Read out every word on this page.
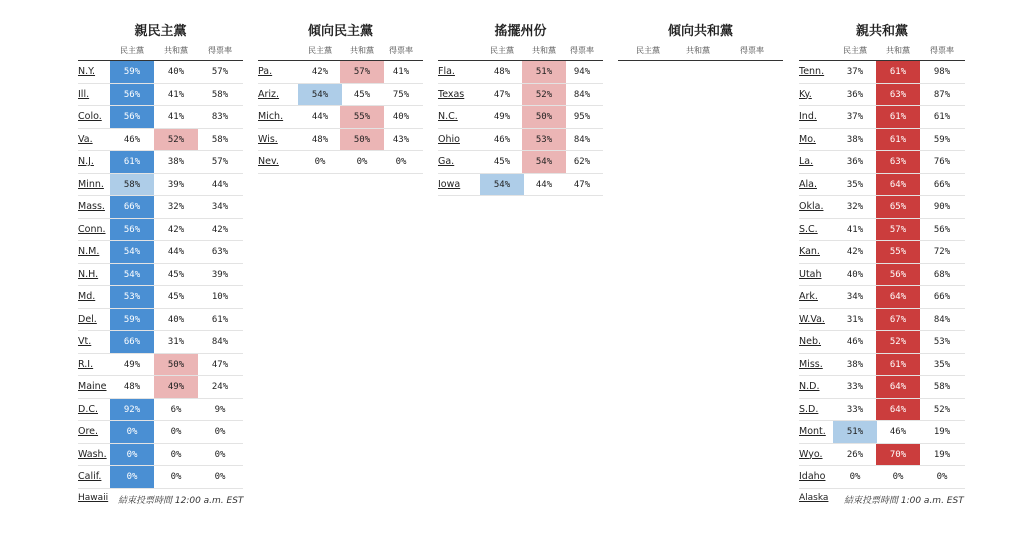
親民主黨
民主黨	共和黨	得票率
N.Y.	59%	40%	57%
Ill.	56%	41%	58%
Colo.	56%	41%	83%
Va.	46%	52%	58%
N.J.	61%	38%	57%
Minn.	58%	39%	44%
Mass.	66%	32%	34%
Conn.	56%	42%	42%
N.M.	54%	44%	63%
N.H.	54%	45%	39%
Md.	53%	45%	10%
Del.	59%	40%	61%
Vt.	66%	31%	84%
R.I.	49%	50%	47%
Maine	48%	49%	24%
D.C.	92%	6%	9%
Ore.	0%	0%	0%
Wash.	0%	0%	0%
Calif.	0%	0%	0%
Hawaii 結束投票時間 12:00 a.m. EST
傾向民主黨
民主黨	共和黨	得票率
Pa.	42%	57%	41%
Ariz.	54%	45%	75%
Mich.	44%	55%	40%
Wis.	48%	50%	43%
Nev.	0%	0%	0%
搖擺州份
民主黨	共和黨	得票率
Fla.	48%	51%	94%
Texas	47%	52%	84%
N.C.	49%	50%	95%
Ohio	46%	53%	84%
Ga.	45%	54%	62%
Iowa	54%	44%	47%
傾向共和黨
民主黨	共和黨	得票率
親共和黨
民主黨	共和黨	得票率
Tenn.	37%	61%	98%
Ky.	36%	63%	87%
Ind.	37%	61%	61%
Mo.	38%	61%	59%
La.	36%	63%	76%
Ala.	35%	64%	66%
Okla.	32%	65%	90%
S.C.	41%	57%	56%
Kan.	42%	55%	72%
Utah	40%	56%	68%
Ark.	34%	64%	66%
W.Va.	31%	67%	84%
Neb.	46%	52%	53%
Miss.	38%	61%	35%
N.D.	33%	64%	58%
S.D.	33%	64%	52%
Mont.	51%	46%	19%
Wyo.	26%	70%	19%
Idaho	0%	0%	0%
Alaska 結束投票時間 1:00 a.m. EST
